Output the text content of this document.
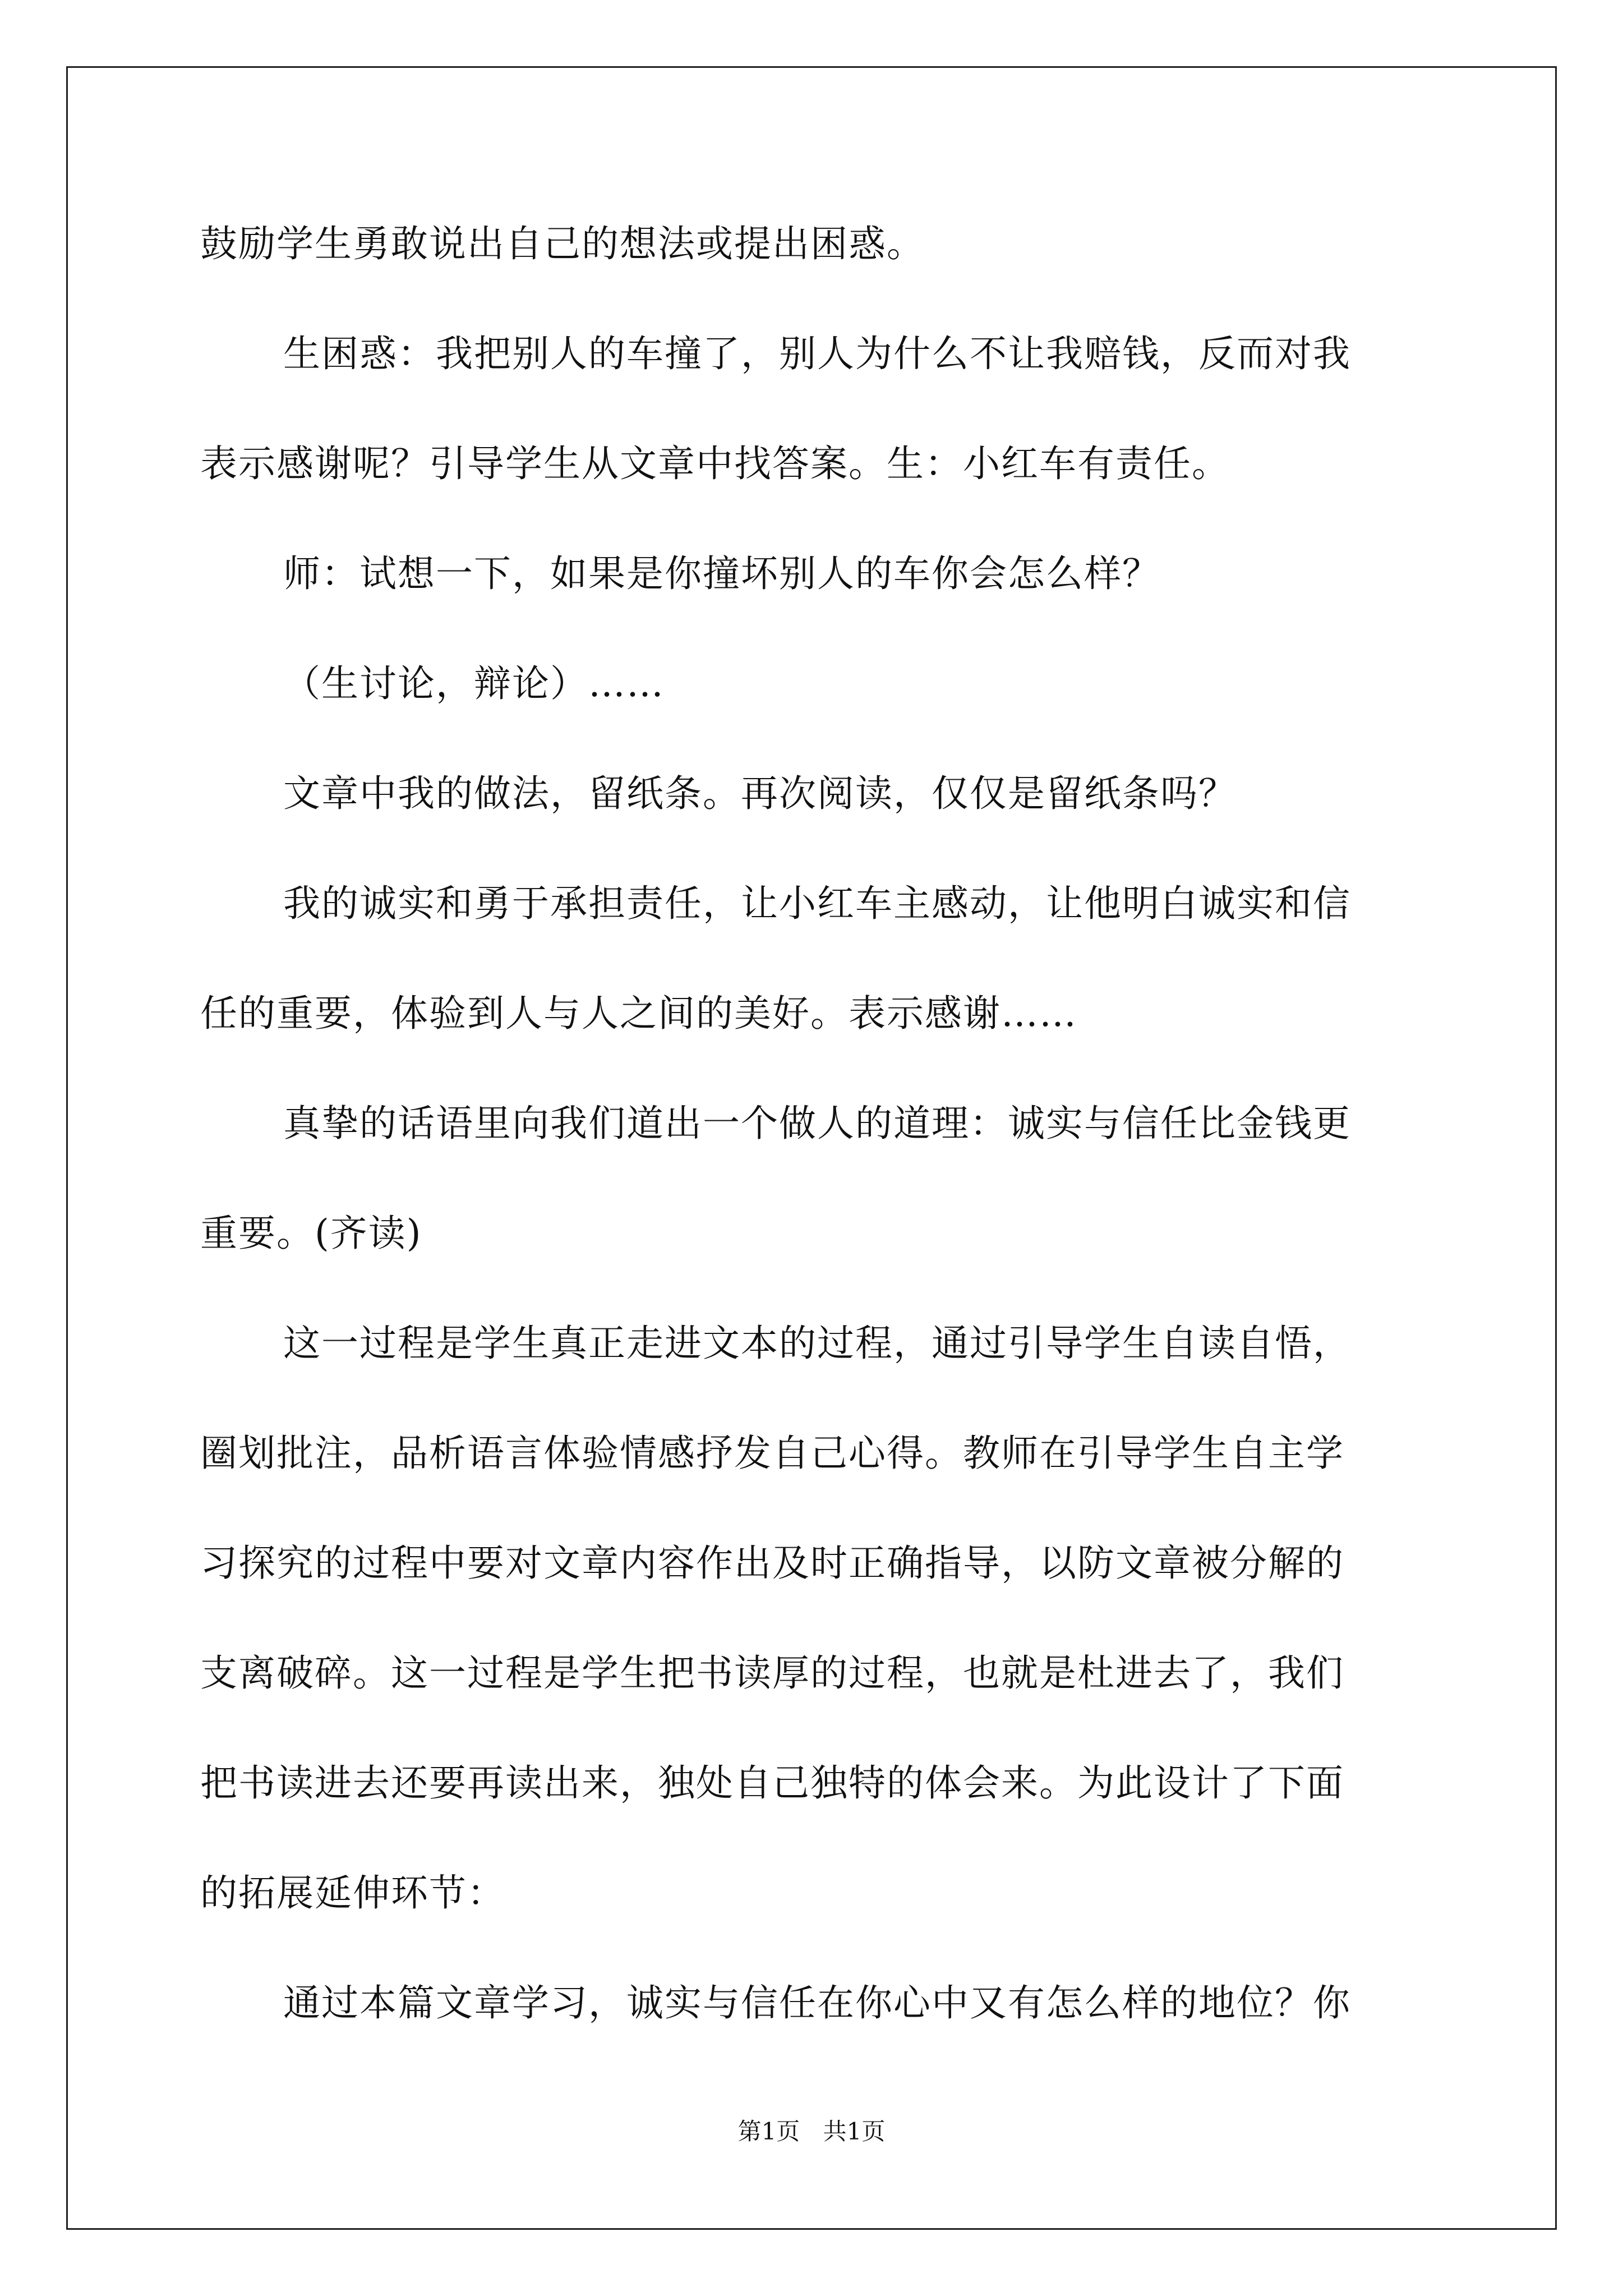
鼓励学生勇敢说出自己的想法或提出困惑。
生困惑：我把别人的车撞了，别人为什么不让我赔钱，反而对我
表示感谢呢？引导学生从文章中找答案。生：小红车有责任。
师：试想一下，如果是你撞坏别人的车你会怎么样？
（生讨论，辩论）……
文章中我的做法，留纸条。再次阅读，仅仅是留纸条吗？
我的诚实和勇于承担责任，让小红车主感动，让他明白诚实和信
任的重要，体验到人与人之间的美好。表示感谢……
真挚的话语里向我们道出一个做人的道理：诚实与信任比金钱更
重要。(齐读)
这一过程是学生真正走进文本的过程，通过引导学生自读自悟，
圈划批注，品析语言体验情感抒发自己心得。教师在引导学生自主学
习探究的过程中要对文章内容作出及时正确指导，以防文章被分解的
支离破碎。这一过程是学生把书读厚的过程，也就是杜进去了，我们
把书读进去还要再读出来，独处自己独特的体会来。为此设计了下面
的拓展延伸环节：
通过本篇文章学习，诚实与信任在你心中又有怎么样的地位？你
第1页 共1页
